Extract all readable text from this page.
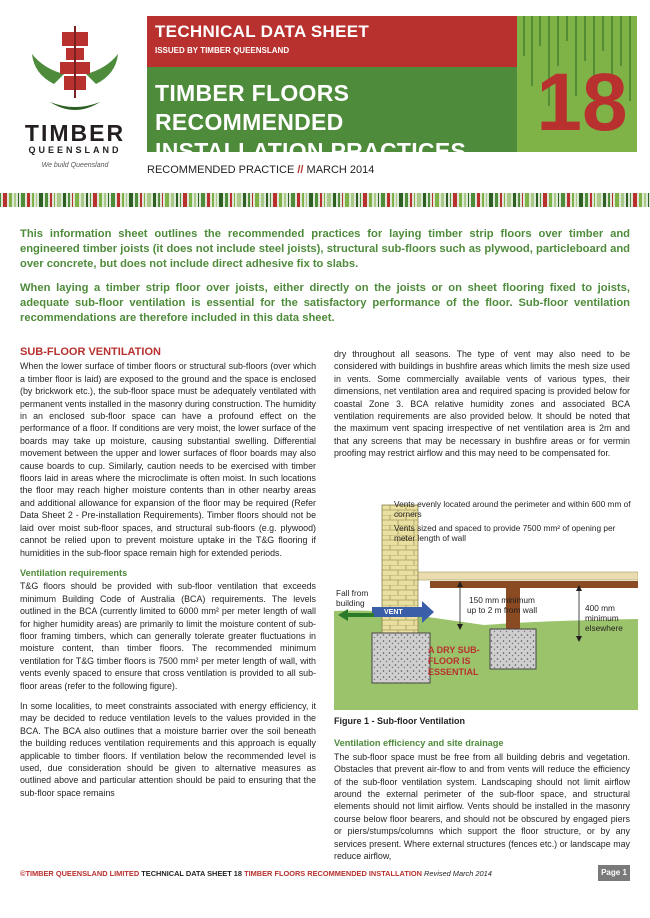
TIMBER
QUEENSLAND
We build Queensland
TECHNICAL DATA SHEET
ISSUED BY TIMBER QUEENSLAND
TIMBER FLOORS RECOMMENDED
INSTALLATION PRACTICES
18
RECOMMENDED PRACTICE // MARCH 2014

This information sheet outlines the recommended practices for laying timber strip floors over timber and engineered timber joists (it does not include steel joists), structural sub-floors such as plywood, particleboard and over concrete, but does not include direct adhesive fix to slabs.

When laying a timber strip floor over joists, either directly on the joists or on sheet flooring fixed to joists, adequate sub-floor ventilation is essential for the satisfactory performance of the floor. Sub-floor ventilation recommendations are therefore included in this data sheet.

SUB-FLOOR VENTILATION

When the lower surface of timber floors or structural sub-floors (over which a timber floor is laid) are exposed to the ground and the space is enclosed (by brickwork etc.), the sub-floor space must be adequately ventilated with permanent vents installed in the masonry during construction. The humidity in an enclosed sub-floor space can have a profound effect on the performance of a floor. If conditions are very moist, the lower surface of the boards may take up moisture, causing substantial swelling. Differential movement between the upper and lower surfaces of floor boards may also cause boards to cup. Similarly, caution needs to be exercised with timber floors laid in areas where the microclimate is often moist. In such locations the floor may reach higher moisture contents than in other nearby areas and additional allowance for expansion of the floor may be required (Refer Data Sheet 2 - Pre-installation Requirements). Timber floors should not be laid over moist sub-floor spaces, and structural sub-floors (e.g. plywood) cannot be relied upon to prevent moisture uptake in the T&G flooring if humidities in the sub-floor space remain high for extended periods.

Ventilation requirements

T&G floors should be provided with sub-floor ventilation that exceeds minimum Building Code of Australia (BCA) requirements. The levels outlined in the BCA (currently limited to 6000 mm² per meter length of wall for higher humidity areas) are primarily to limit the moisture content of sub-floor framing timbers, which can generally tolerate greater fluctuations in moisture content, than timber floors. The recommended minimum ventilation for T&G timber floors is 7500 mm² per meter length of wall, with vents evenly spaced to ensure that cross ventilation is provided to all sub-floor areas (refer to the following figure).

In some localities, to meet constraints associated with energy efficiency, it may be decided to reduce ventilation levels to the values provided in the BCA. The BCA also outlines that a moisture barrier over the soil beneath the building reduces ventilation requirements and this approach is equally applicable to timber floors. If ventilation below the recommended level is used, due consideration should be given to alternative measures as outlined above and particular attention should be paid to ensuring that the sub-floor space remains

dry throughout all seasons. The type of vent may also need to be considered with buildings in bushfire areas which limits the mesh size used in vents. Some commercially available vents of various types, their dimensions, net ventilation area and required spacing is provided below for coastal Zone 3. BCA relative humidity zones and associated BCA ventilation requirements are also provided below. It should be noted that the maximum vent spacing irrespective of net ventilation area is 2m and that any screens that may be necessary in bushfire areas or for vermin proofing may restrict airflow and this may need to be compensated for.

Vents evenly located around the perimeter and within 600 mm of corners
Vents sized and spaced to provide 7500 mm² of opening per meter length of wall
Fall from building
VENT
150 mm minimum up to 2 m from wall	400 mm minimum elsewhere
A DRY SUB-FLOOR IS ESSENTIAL

Figure 1 - Sub-floor Ventilation

Ventilation efficiency and site drainage

The sub-floor space must be free from all building debris and vegetation. Obstacles that prevent air-flow to and from vents will reduce the efficiency of the sub-floor ventilation system. Landscaping should not limit airflow around the external perimeter of the sub-floor space, and structural elements should not limit airflow. Vents should be installed in the masonry course below floor bearers, and should not be obscured by engaged piers or piers/stumps/columns which support the floor structure, or by any services present. Where external structures (fences etc.) or landscape may reduce airflow,

©TIMBER QUEENSLAND LIMITED TECHNICAL DATA SHEET 18 TIMBER FLOORS RECOMMENDED INSTALLATION Revised March 2014	Page 1
